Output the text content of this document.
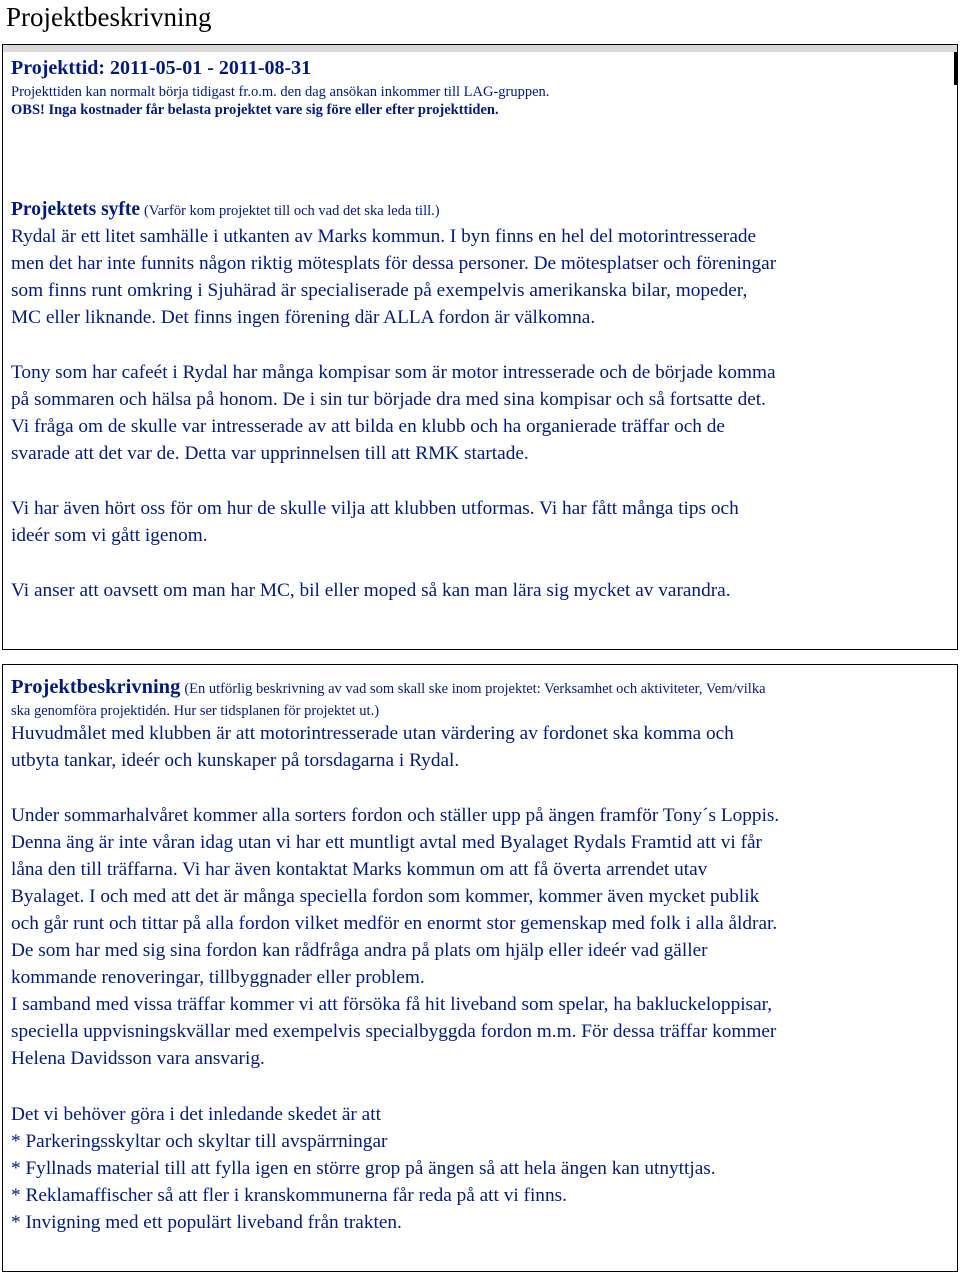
Projektbeskrivning

Projekttid: 2011-05-01 - 2011-08-31

Projekttiden kan normalt börja tidigast fr.o.m. den dag ansökan inkommer till LAG-gruppen.

OBS! Inga kostnader får belasta projektet vare sig före eller efter projekttiden.

Projektets syfte (Varför kom projektet till och vad det ska leda till.)

Rydal är ett litet samhälle i utkanten av Marks kommun. I byn finns en hel del motorintresserade

men det har inte funnits någon riktig mötesplats för dessa personer. De mötesplatser och föreningar

som finns runt omkring i Sjuhärad är specialiserade på exempelvis amerikanska bilar, mopeder,

MC eller liknande. Det finns ingen förening där ALLA fordon är välkomna.

Tony som har cafeét i Rydal har många kompisar som är motor intresserade och de började komma

på sommaren och hälsa på honom. De i sin tur började dra med sina kompisar och så fortsatte det.

Vi fråga om de skulle var intresserade av att bilda en klubb och ha organierade träffar och de

svarade att det var de. Detta var upprinnelsen till att RMK startade.

Vi har även hört oss för om hur de skulle vilja att klubben utformas. Vi har fått många tips och

ideér som vi gått igenom.

Vi anser att oavsett om man har MC, bil eller moped så kan man lära sig mycket av varandra.

Projektbeskrivning (En utförlig beskrivning av vad som skall ske inom projektet: Verksamhet och aktiviteter, Vem/vilka

ska genomföra projektidén. Hur ser tidsplanen för projektet ut.)

Huvudmålet med klubben är att motorintresserade utan värdering av fordonet ska komma och

utbyta tankar, ideér och kunskaper på torsdagarna i Rydal.

Under sommarhalvåret kommer alla sorters fordon och ställer upp på ängen framför Tony´s Loppis.

Denna äng är inte våran idag utan vi har ett muntligt avtal med Byalaget Rydals Framtid att vi får

låna den till träffarna. Vi har även kontaktat Marks kommun om att få överta arrendet utav

Byalaget. I och med att det är många speciella fordon som kommer, kommer även mycket publik

och går runt och tittar på alla fordon vilket medför en enormt stor gemenskap med folk i alla åldrar.

De som har med sig sina fordon kan rådfråga andra på plats om hjälp eller ideér vad gäller

kommande renoveringar, tillbyggnader eller problem.

I samband med vissa träffar kommer vi att försöka få hit liveband som spelar, ha bakluckeloppisar,

speciella uppvisningskvällar med exempelvis specialbyggda fordon m.m. För dessa träffar kommer

Helena Davidsson vara ansvarig.

Det vi behöver göra i det inledande skedet är att

* Parkeringsskyltar och skyltar till avspärrningar

* Fyllnads material till att fylla igen en större grop på ängen så att hela ängen kan utnyttjas.

* Reklamaffischer så att fler i kranskommunerna får reda på att vi finns.

* Invigning med ett populärt liveband från trakten.
